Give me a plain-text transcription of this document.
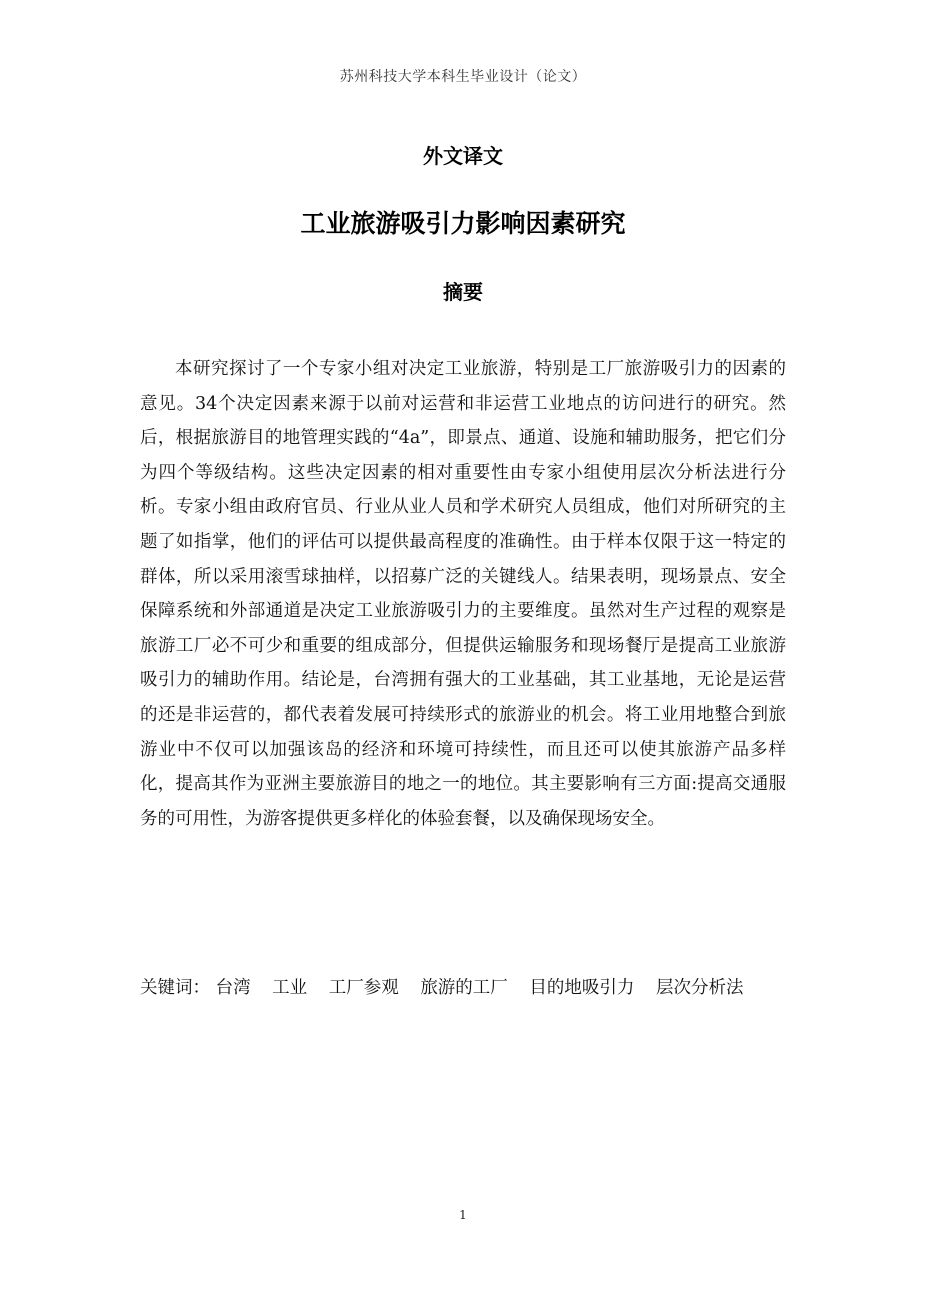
苏州科技大学本科生毕业设计（论文）
外文译文
工业旅游吸引力影响因素研究
摘要

本研究探讨了一个专家小组对决定工业旅游，特别是工厂旅游吸引力的因素的意见。34个决定因素来源于以前对运营和非运营工业地点的访问进行的研究。然后，根据旅游目的地管理实践的“4a”，即景点、通道、设施和辅助服务，把它们分为四个等级结构。这些决定因素的相对重要性由专家小组使用层次分析法进行分析。专家小组由政府官员、行业从业人员和学术研究人员组成，他们对所研究的主题了如指掌，他们的评估可以提供最高程度的准确性。由于样本仅限于这一特定的群体，所以采用滚雪球抽样，以招募广泛的关键线人。结果表明，现场景点、安全保障系统和外部通道是决定工业旅游吸引力的主要维度。虽然对生产过程的观察是旅游工厂必不可少和重要的组成部分，但提供运输服务和现场餐厅是提高工业旅游吸引力的辅助作用。结论是，台湾拥有强大的工业基础，其工业基地，无论是运营的还是非运营的，都代表着发展可持续形式的旅游业的机会。将工业用地整合到旅游业中不仅可以加强该岛的经济和环境可持续性，而且还可以使其旅游产品多样化，提高其作为亚洲主要旅游目的地之一的地位。其主要影响有三方面:提高交通服务的可用性，为游客提供更多样化的体验套餐，以及确保现场安全。

关键词： 台湾 工业 工厂参观 旅游的工厂 目的地吸引力 层次分析法
1
